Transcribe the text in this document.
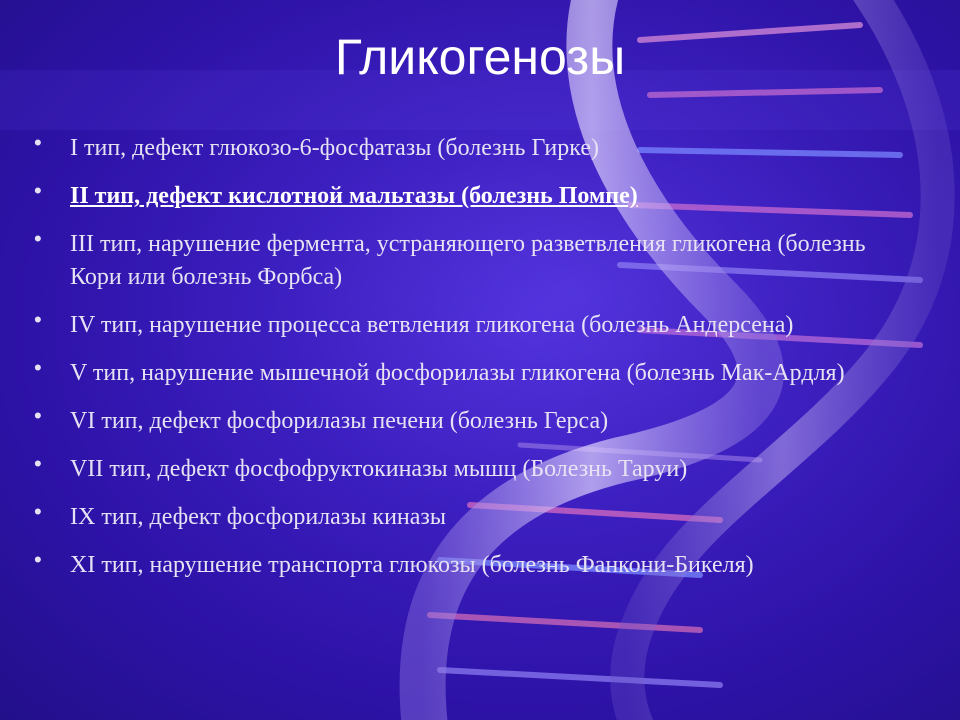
Гликогенозы
• I тип, дефект глюкозо-6-фосфатазы (болезнь Гирке)
• II тип, дефект кислотной мальтазы (болезнь Помпе)
• III тип, нарушение фермента, устраняющего разветвления гликогена (болезнь Кори или болезнь Форбса)
• IV тип, нарушение процесса ветвления гликогена (болезнь Андерсена)
• V тип, нарушение мышечной фосфорилазы гликогена (болезнь Мак-Ардля)
• VI тип, дефект фосфорилазы печени (болезнь Герса)
• VII тип, дефект фосфофруктокиназы мышц (Болезнь Таруи)
• IX тип, дефект фосфорилазы киназы
• XI тип, нарушение транспорта глюкозы (болезнь Фанкони-Бикеля)
